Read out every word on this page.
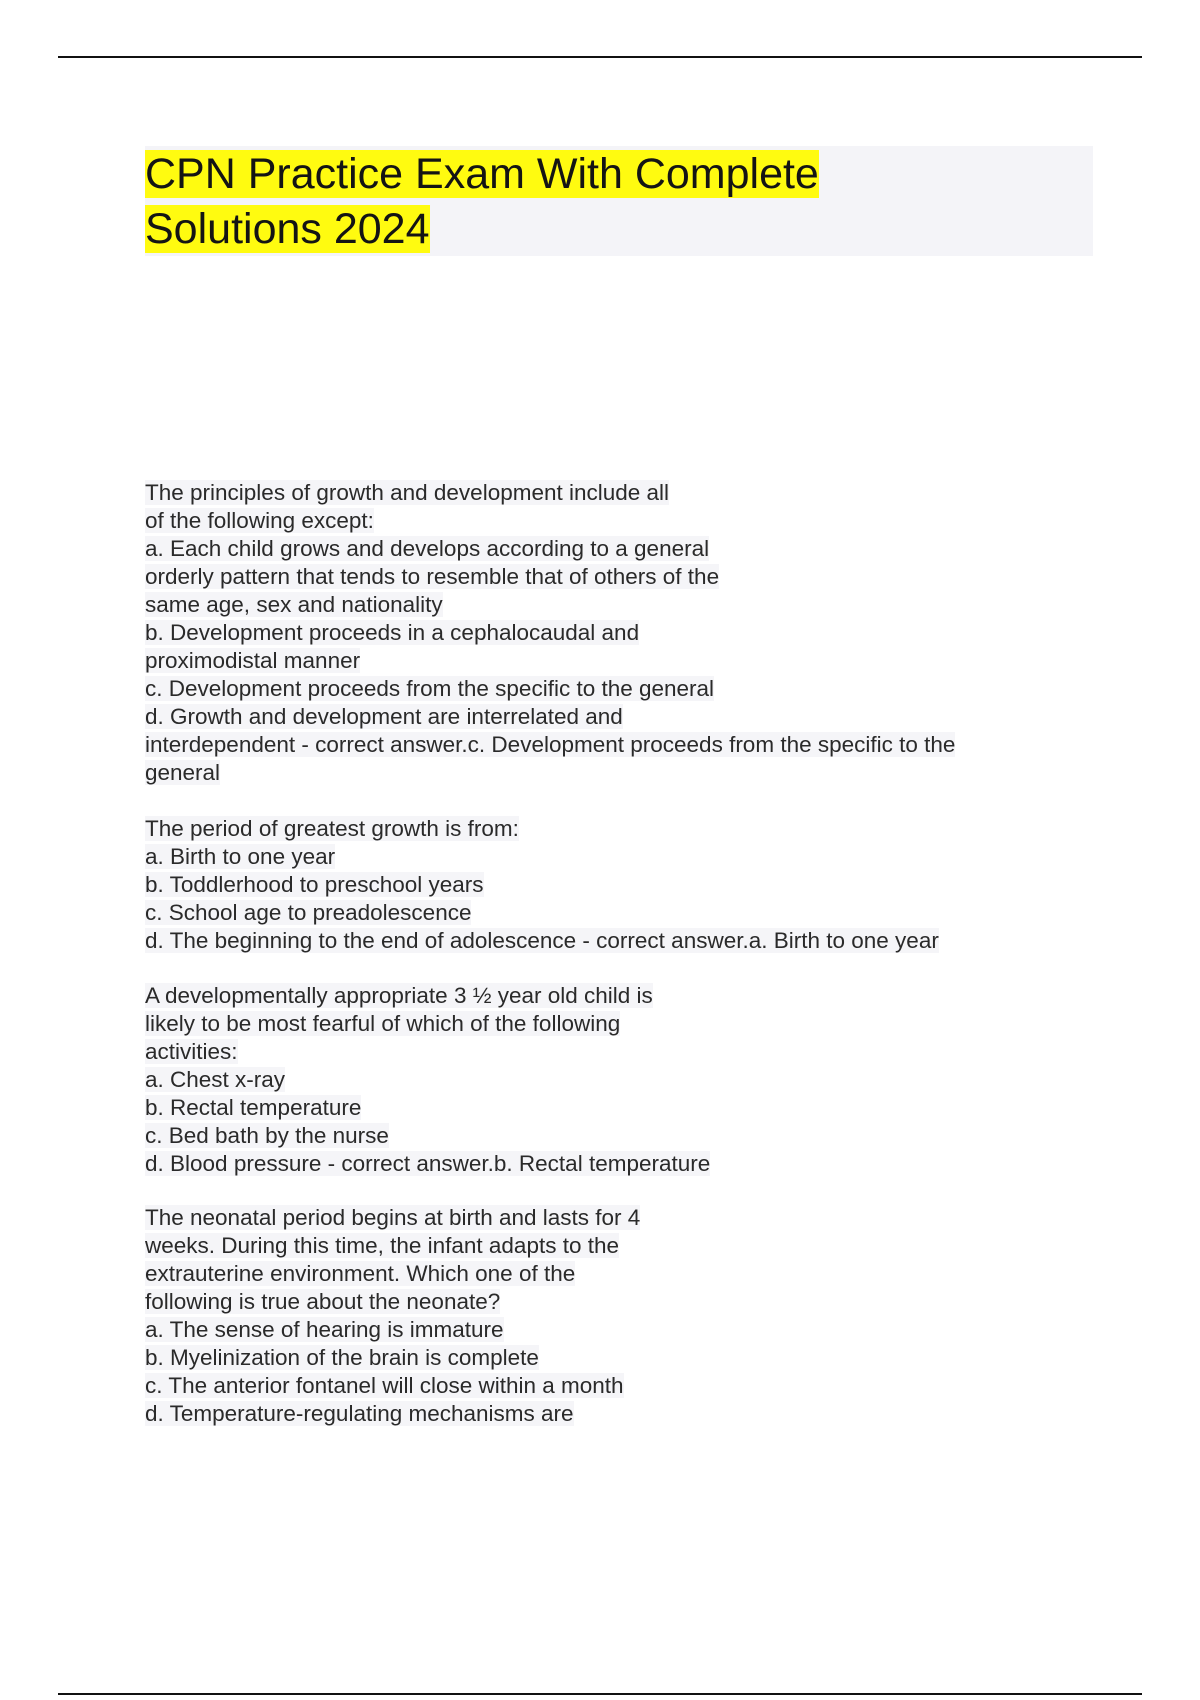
CPN Practice Exam With Complete
Solutions 2024
The principles of growth and development include all
of the following except:
a. Each child grows and develops according to a general
orderly pattern that tends to resemble that of others of the
same age, sex and nationality
b. Development proceeds in a cephalocaudal and
proximodistal manner
c. Development proceeds from the specific to the general
d. Growth and development are interrelated and
interdependent - correct answer.c. Development proceeds from the specific to the
general
The period of greatest growth is from:
a. Birth to one year
b. Toddlerhood to preschool years
c. School age to preadolescence
d. The beginning to the end of adolescence - correct answer.a. Birth to one year
A developmentally appropriate 3 ½ year old child is
likely to be most fearful of which of the following
activities:
a. Chest x-ray
b. Rectal temperature
c. Bed bath by the nurse
d. Blood pressure - correct answer.b. Rectal temperature
The neonatal period begins at birth and lasts for 4
weeks. During this time, the infant adapts to the
extrauterine environment. Which one of the
following is true about the neonate?
a. The sense of hearing is immature
b. Myelinization of the brain is complete
c. The anterior fontanel will close within a month
d. Temperature-regulating mechanisms are
